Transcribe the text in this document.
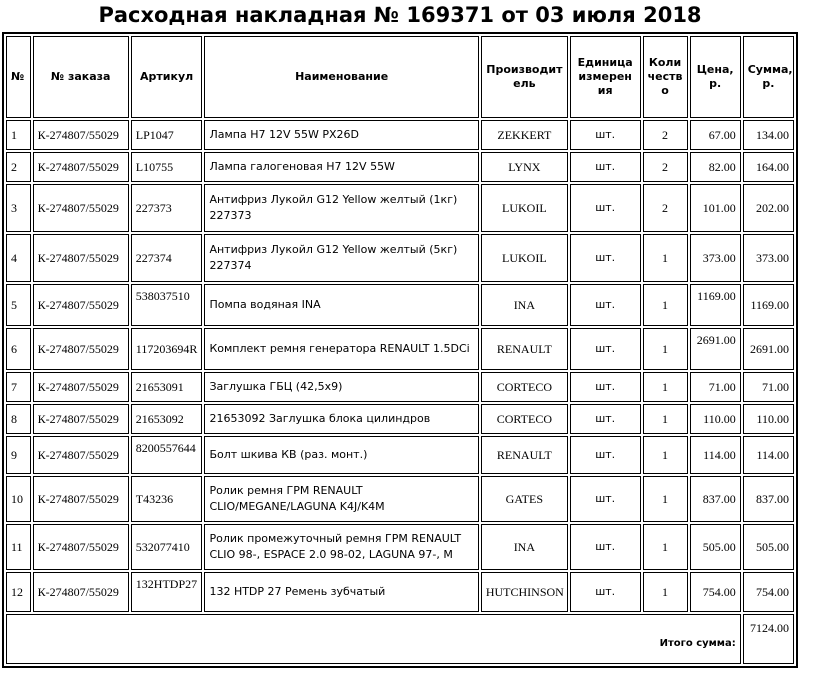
Расходная накладная № 169371 от 03 июля 2018
№	№ заказа	Артикул	Наименование	Производитель	Единица измерения	Количество	Цена, р.	Сумма, р.
1	К-274807/55029	LP1047	Лампа H7 12V 55W PX26D	ZEKKERT	шт.	2	67.00	134.00
2	К-274807/55029	L10755	Лампа галогеновая H7 12V 55W	LYNX	шт.	2	82.00	164.00
3	К-274807/55029	227373	Антифриз Лукойл G12 Yellow желтый (1кг) 227373	LUKOIL	шт.	2	101.00	202.00
4	К-274807/55029	227374	Антифриз Лукойл G12 Yellow желтый (5кг) 227374	LUKOIL	шт.	1	373.00	373.00
5	К-274807/55029	538037510	Помпа водяная INA	INA	шт.	1	1169.00	1169.00
6	К-274807/55029	117203694R	Комплект ремня генератора RENAULT 1.5DCi	RENAULT	шт.	1	2691.00	2691.00
7	К-274807/55029	21653091	Заглушка ГБЦ (42,5х9)	CORTECO	шт.	1	71.00	71.00
8	К-274807/55029	21653092	21653092 Заглушка блока цилиндров	CORTECO	шт.	1	110.00	110.00
9	К-274807/55029	8200557644	Болт шкива КВ (раз. монт.)	RENAULT	шт.	1	114.00	114.00
10	К-274807/55029	T43236	Ролик ремня ГРМ RENAULT CLIO/MEGANE/LAGUNA K4J/K4M	GATES	шт.	1	837.00	837.00
11	К-274807/55029	532077410	Ролик промежуточный ремня ГРМ RENAULT CLIO 98-, ESPACE 2.0 98-02, LAGUNA 97-, M	INA	шт.	1	505.00	505.00
12	К-274807/55029	132HTDP27	132 HTDP 27 Ремень зубчатый	HUTCHINSON	шт.	1	754.00	754.00
Итого сумма:								7124.00
